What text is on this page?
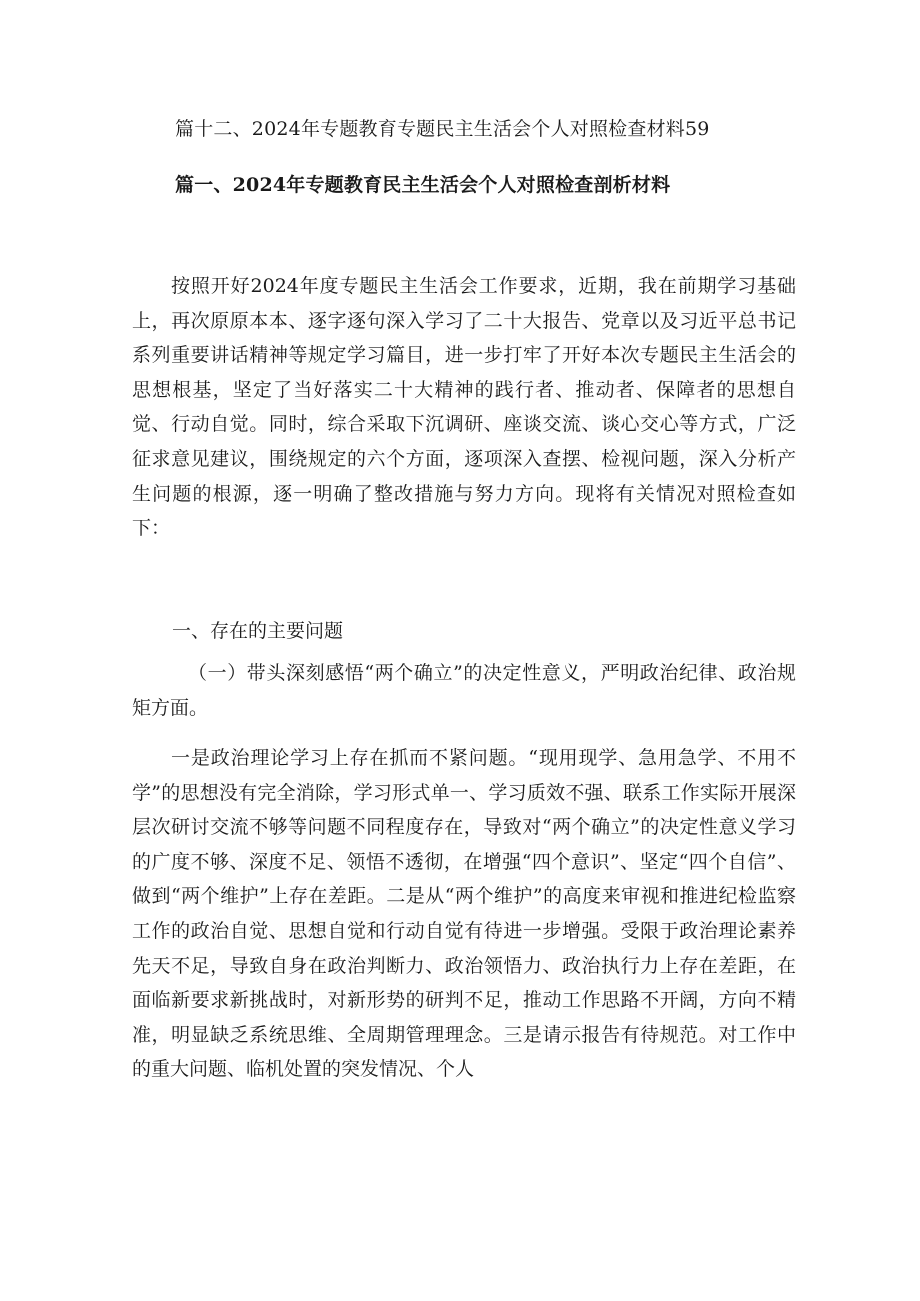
篇十二、2024年专题教育专题民主生活会个人对照检查材料59
篇一、2024年专题教育民主生活会个人对照检查剖析材料

按照开好2024年度专题民主生活会工作要求，近期，我在前期学习基础上，再次原原本本、逐字逐句深入学习了二十大报告、党章以及习近平总书记系列重要讲话精神等规定学习篇目，进一步打牢了开好本次专题民主生活会的思想根基，坚定了当好落实二十大精神的践行者、推动者、保障者的思想自觉、行动自觉。同时，综合采取下沉调研、座谈交流、谈心交心等方式，广泛征求意见建议，围绕规定的六个方面，逐项深入查摆、检视问题，深入分析产生问题的根源，逐一明确了整改措施与努力方向。现将有关情况对照检查如下：

一、存在的主要问题

（一）带头深刻感悟“两个确立”的决定性意义，严明政治纪律、政治规矩方面。

一是政治理论学习上存在抓而不紧问题。“现用现学、急用急学、不用不学”的思想没有完全消除，学习形式单一、学习质效不强、联系工作实际开展深层次研讨交流不够等问题不同程度存在，导致对“两个确立”的决定性意义学习的广度不够、深度不足、领悟不透彻，在增强“四个意识”、坚定“四个自信”、做到“两个维护”上存在差距。二是从“两个维护”的高度来审视和推进纪检监察工作的政治自觉、思想自觉和行动自觉有待进一步增强。受限于政治理论素养先天不足，导致自身在政治判断力、政治领悟力、政治执行力上存在差距，在面临新要求新挑战时，对新形势的研判不足，推动工作思路不开阔，方向不精准，明显缺乏系统思维、全周期管理理念。三是请示报告有待规范。对工作中的重大问题、临机处置的突发情况、个人
